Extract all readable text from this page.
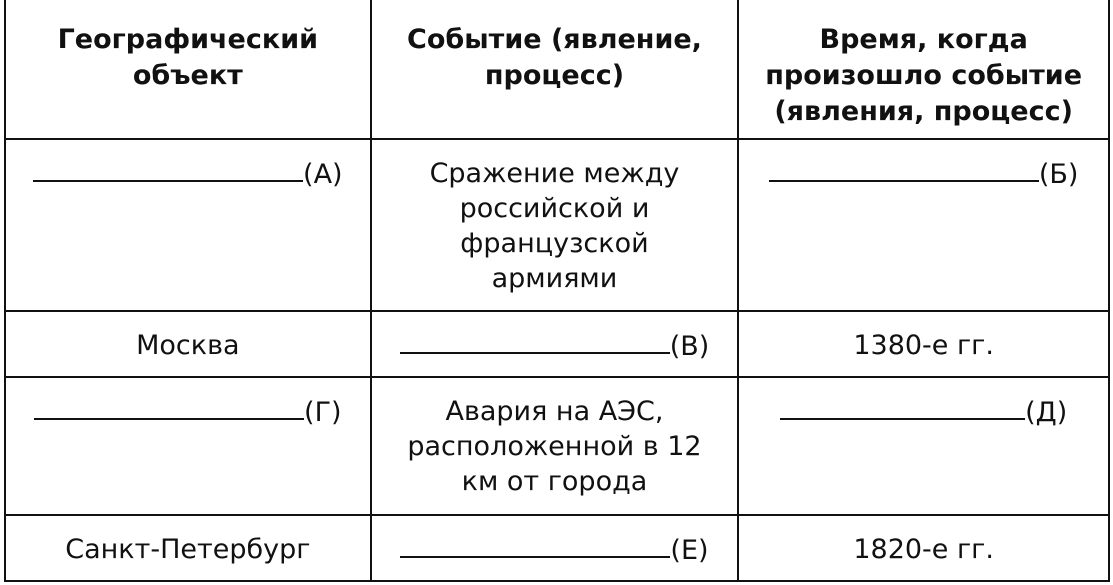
Географический объект	Событие (явление, процесс)	Время, когда произошло событие (явления, процесс)

(А)	Сражение между российской и французской армиями	(Б)

Москва	(В)	1380-е гг.

(Г)	Авария на АЭС, расположенной в 12 км от города	(Д)

Санкт-Петербург	(Е)	1820-е гг.
